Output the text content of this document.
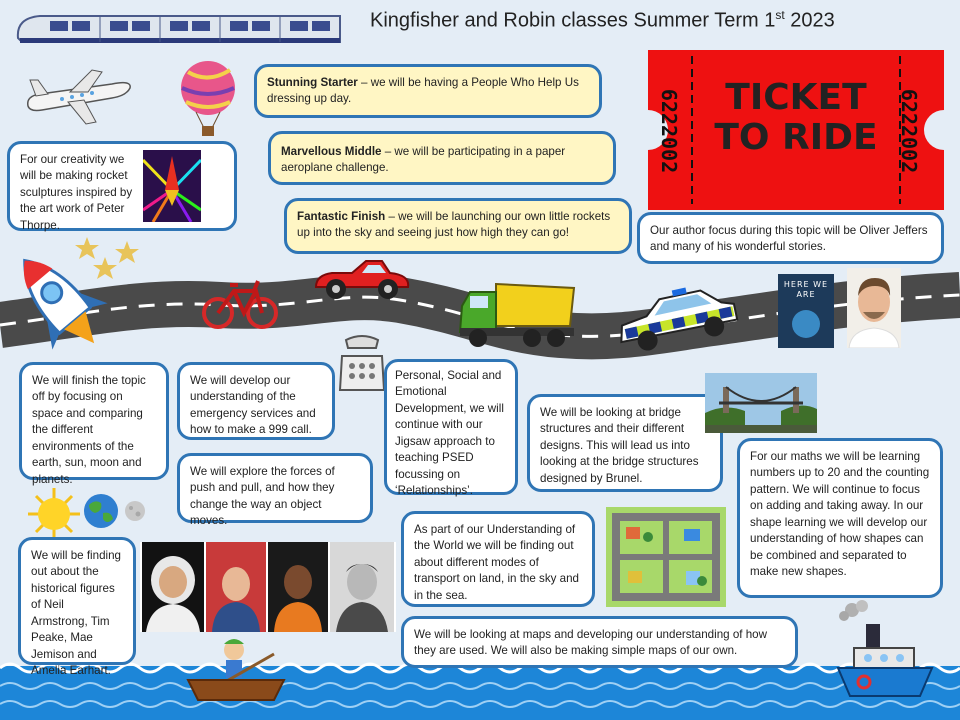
Kingfisher and Robin classes Summer Term 1st 2023
6222002	6222002
TICKET
TO RIDE
Stunning Starter – we will be having a People Who Help Us dressing up day.
Marvellous Middle – we will be participating in a paper aeroplane challenge.
Fantastic Finish – we will be launching our own little rockets up into the sky and seeing just how high they can go!
For our creativity we will be making rocket sculptures inspired by the art work of Peter Thorpe.	Our author focus during this topic will be Oliver Jeffers and many of his wonderful stories.
HERE WE ARE
We will finish the topic off by focusing on space and comparing the different environments of the earth, sun, moon and planets.
We will develop our understanding of the emergency services and how to make a 999 call.
We will explore the forces of push and pull, and how they change the way an object moves.
Personal, Social and Emotional Development, we will continue with our Jigsaw approach to teaching PSED focussing on ‘Relationships’.
We will be looking at bridge structures and their different designs. This will lead us into looking at the bridge structures designed by Brunel.
For our maths we will be learning numbers up to 20 and the counting pattern. We will continue to focus on adding and taking away. In our shape learning we will develop our understanding of how shapes can be combined and separated to make new shapes.
We will be finding out about the historical figures of Neil Armstrong, Tim Peake, Mae Jemison and Amelia Earhart.
As part of our Understanding of the World we will be finding out about different modes of transport on land, in the sky and in the sea.
We will be looking at maps and developing our understanding of how they are used. We will also be making simple maps of our own.
